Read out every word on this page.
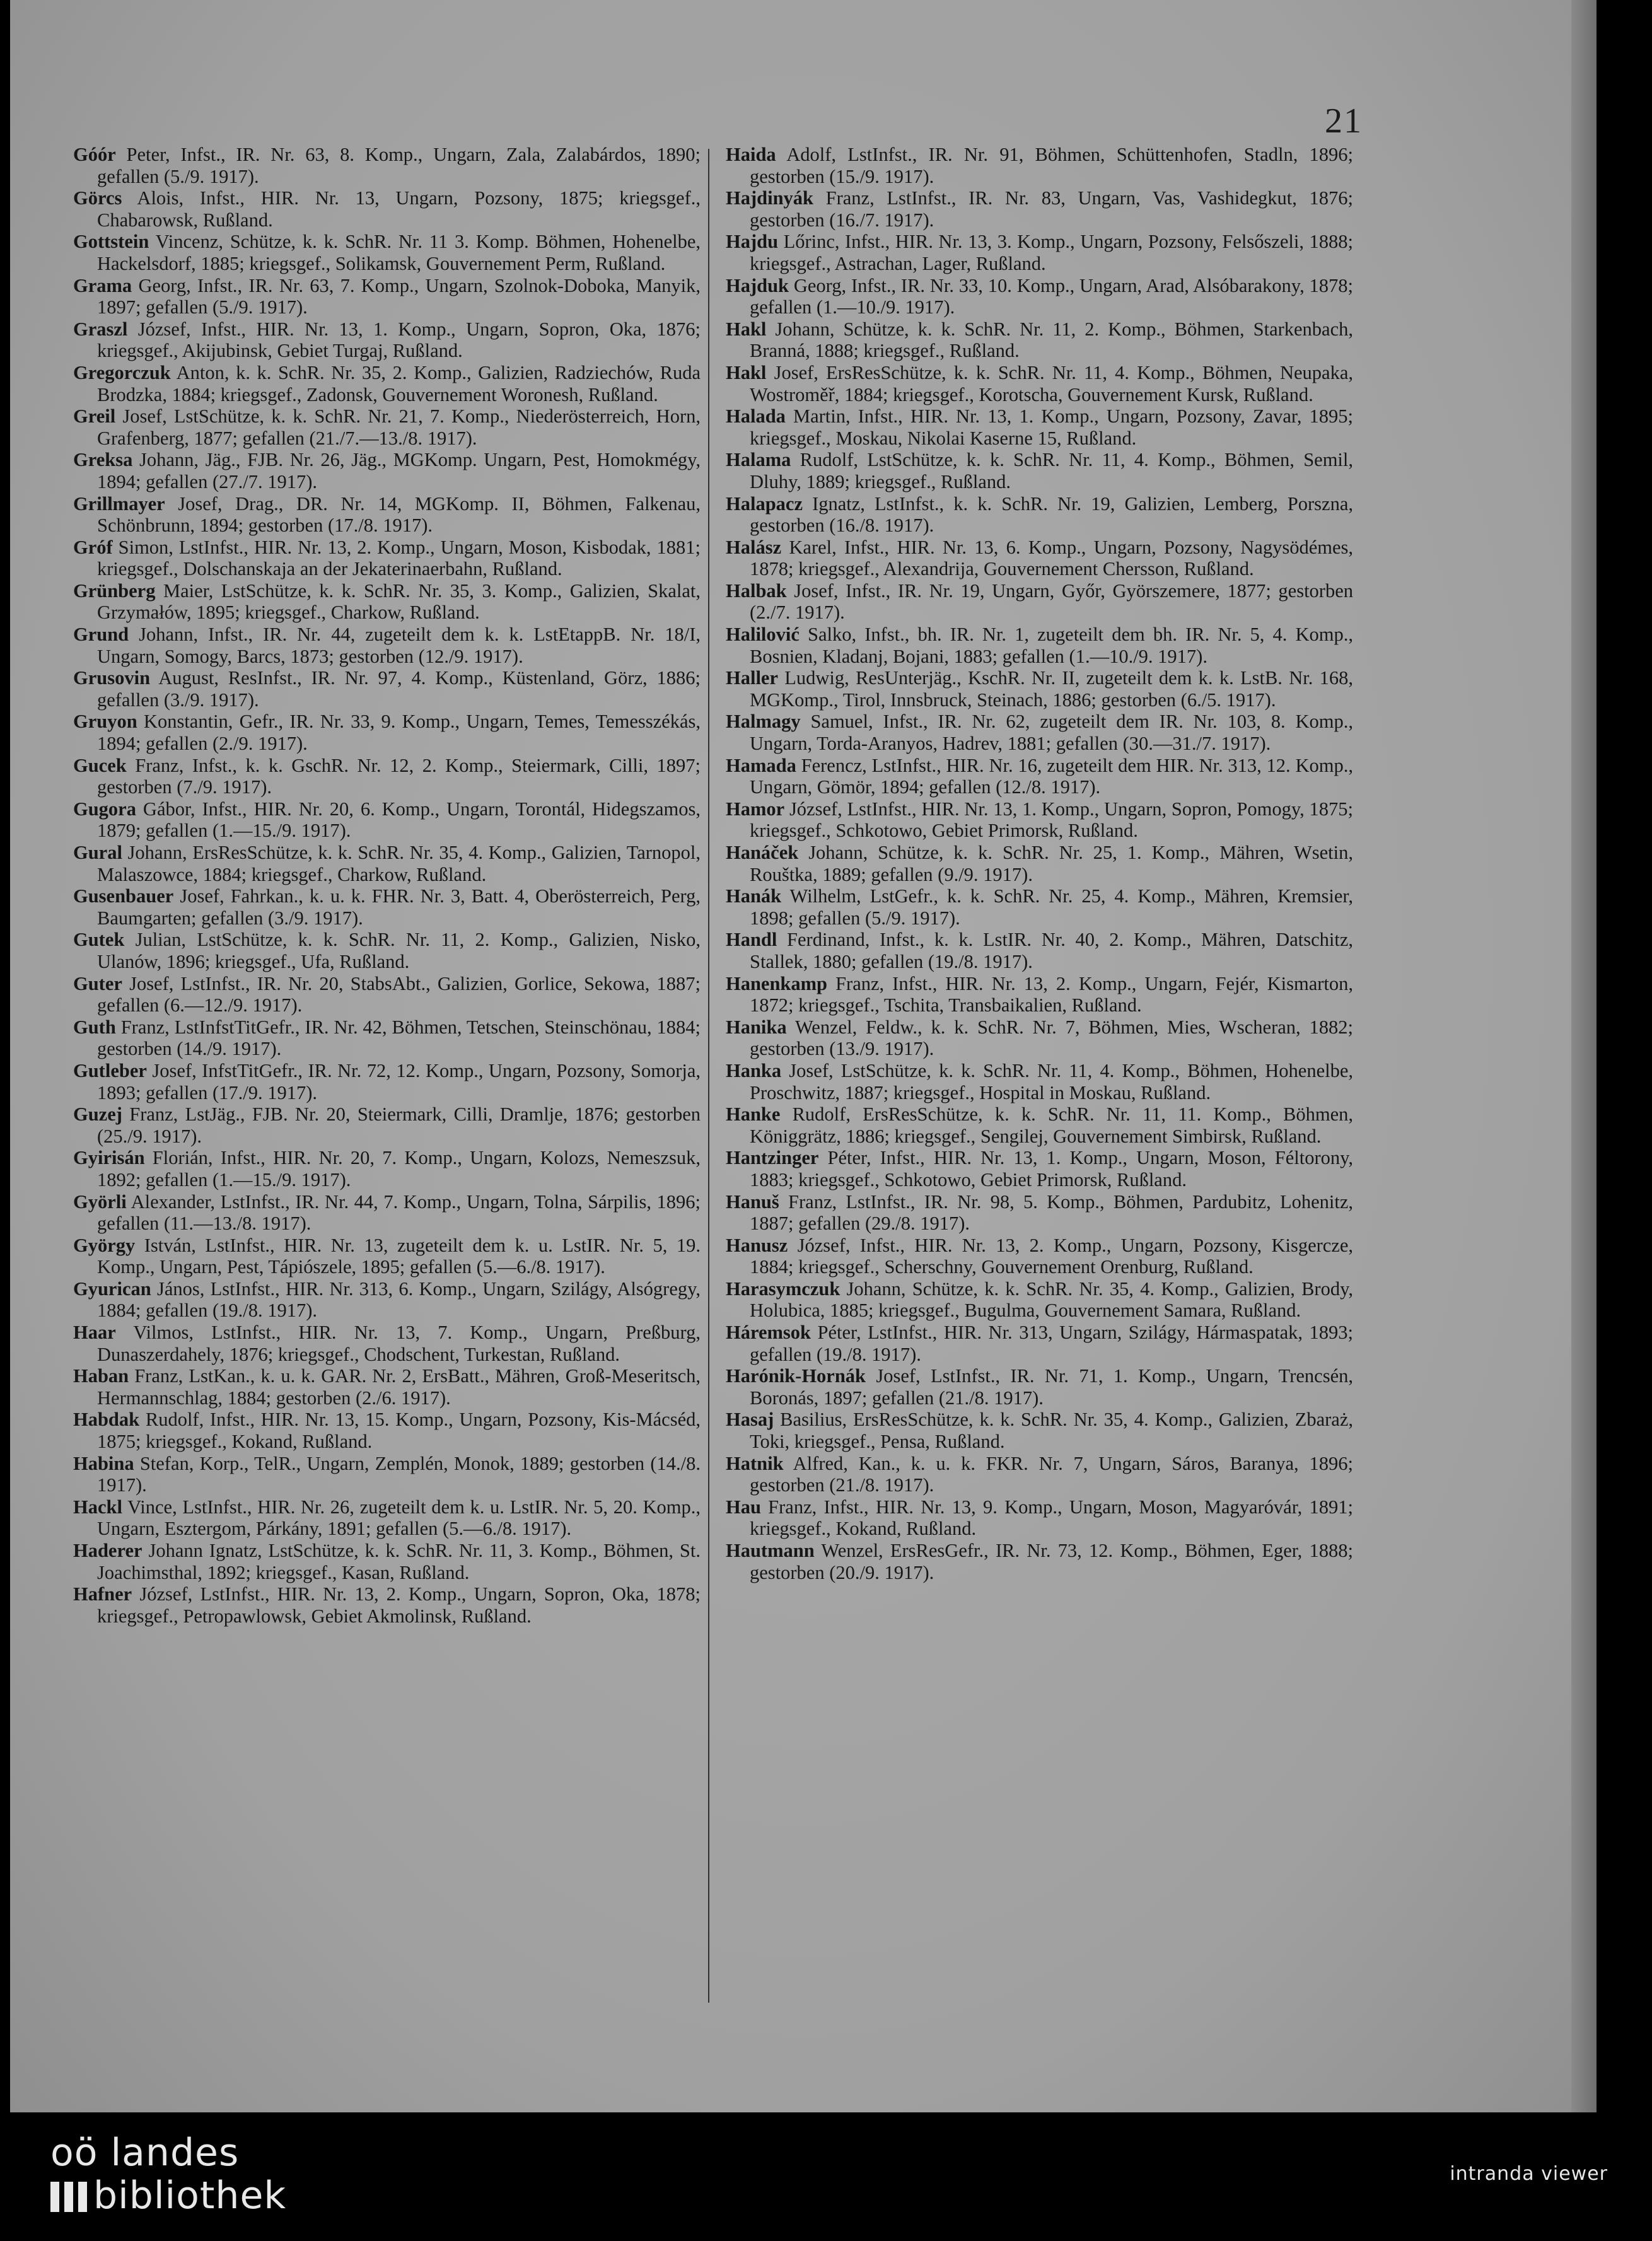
21
Góór Peter, Infst., IR. Nr. 63, 8. Komp., Ungarn, Zala, Zalabárdos, 1890; gefallen (5./9. 1917).
Görcs Alois, Infst., HIR. Nr. 13, Ungarn, Pozsony, 1875; kriegsgef., Chabarowsk, Rußland.
Gottstein Vincenz, Schütze, k. k. SchR. Nr. 11 3. Komp. Böhmen, Hohenelbe, Hackelsdorf, 1885; kriegsgef., Solikamsk, Gouvernement Perm, Rußland.
Grama Georg, Infst., IR. Nr. 63, 7. Komp., Ungarn, Szolnok-Doboka, Manyik, 1897; gefallen (5./9. 1917).
Graszl József, Infst., HIR. Nr. 13, 1. Komp., Ungarn, Sopron, Oka, 1876; kriegsgef., Akijubinsk, Gebiet Turgaj, Rußland.
Gregorczuk Anton, k. k. SchR. Nr. 35, 2. Komp., Galizien, Radziechów, Ruda Brodzka, 1884; kriegsgef., Zadonsk, Gouvernement Woronesh, Rußland.
Greil Josef, LstSchütze, k. k. SchR. Nr. 21, 7. Komp., Niederösterreich, Horn, Grafenberg, 1877; gefallen (21./7.—13./8. 1917).
Greksa Johann, Jäg., FJB. Nr. 26, Jäg., MGKomp. Ungarn, Pest, Homokmégy, 1894; gefallen (27./7. 1917).
Grillmayer Josef, Drag., DR. Nr. 14, MGKomp. II, Böhmen, Falkenau, Schönbrunn, 1894; gestorben (17./8. 1917).
Gróf Simon, LstInfst., HIR. Nr. 13, 2. Komp., Ungarn, Moson, Kisbodak, 1881; kriegsgef., Dolschanskaja an der Jekaterinaerbahn, Rußland.
Grünberg Maier, LstSchütze, k. k. SchR. Nr. 35, 3. Komp., Galizien, Skalat, Grzymałów, 1895; kriegsgef., Charkow, Rußland.
Grund Johann, Infst., IR. Nr. 44, zugeteilt dem k. k. LstEtappB. Nr. 18/I, Ungarn, Somogy, Barcs, 1873; gestorben (12./9. 1917).
Grusovin August, ResInfst., IR. Nr. 97, 4. Komp., Küstenland, Görz, 1886; gefallen (3./9. 1917).
Gruyon Konstantin, Gefr., IR. Nr. 33, 9. Komp., Ungarn, Temes, Temesszékás, 1894; gefallen (2./9. 1917).
Gucek Franz, Infst., k. k. GschR. Nr. 12, 2. Komp., Steiermark, Cilli, 1897; gestorben (7./9. 1917).
Gugora Gábor, Infst., HIR. Nr. 20, 6. Komp., Ungarn, Torontál, Hidegszamos, 1879; gefallen (1.—15./9. 1917).
Gural Johann, ErsResSchütze, k. k. SchR. Nr. 35, 4. Komp., Galizien, Tarnopol, Malaszowce, 1884; kriegsgef., Charkow, Rußland.
Gusenbauer Josef, Fahrkan., k. u. k. FHR. Nr. 3, Batt. 4, Oberösterreich, Perg, Baumgarten; gefallen (3./9. 1917).
Gutek Julian, LstSchütze, k. k. SchR. Nr. 11, 2. Komp., Galizien, Nisko, Ulanów, 1896; kriegsgef., Ufa, Rußland.
Guter Josef, LstInfst., IR. Nr. 20, StabsAbt., Galizien, Gorlice, Sekowa, 1887; gefallen (6.—12./9. 1917).
Guth Franz, LstInfstTitGefr., IR. Nr. 42, Böhmen, Tetschen, Steinschönau, 1884; gestorben (14./9. 1917).
Gutleber Josef, InfstTitGefr., IR. Nr. 72, 12. Komp., Ungarn, Pozsony, Somorja, 1893; gefallen (17./9. 1917).
Guzej Franz, LstJäg., FJB. Nr. 20, Steiermark, Cilli, Dramlje, 1876; gestorben (25./9. 1917).
Gyirisán Florián, Infst., HIR. Nr. 20, 7. Komp., Ungarn, Kolozs, Nemeszsuk, 1892; gefallen (1.—15./9. 1917).
Györli Alexander, LstInfst., IR. Nr. 44, 7. Komp., Ungarn, Tolna, Sárpilis, 1896; gefallen (11.—13./8. 1917).
György István, LstInfst., HIR. Nr. 13, zugeteilt dem k. u. LstIR. Nr. 5, 19. Komp., Ungarn, Pest, Tápiószele, 1895; gefallen (5.—6./8. 1917).
Gyurican János, LstInfst., HIR. Nr. 313, 6. Komp., Ungarn, Szilágy, Alsógregy, 1884; gefallen (19./8. 1917).
Haar Vilmos, LstInfst., HIR. Nr. 13, 7. Komp., Ungarn, Preßburg, Dunaszerdahely, 1876; kriegsgef., Chodschent, Turkestan, Rußland.
Haban Franz, LstKan., k. u. k. GAR. Nr. 2, ErsBatt., Mähren, Groß-Meseritsch, Hermannschlag, 1884; gestorben (2./6. 1917).
Habdak Rudolf, Infst., HIR. Nr. 13, 15. Komp., Ungarn, Pozsony, Kis-Mácséd, 1875; kriegsgef., Kokand, Rußland.
Habina Stefan, Korp., TelR., Ungarn, Zemplén, Monok, 1889; gestorben (14./8. 1917).
Hackl Vince, LstInfst., HIR. Nr. 26, zugeteilt dem k. u. LstIR. Nr. 5, 20. Komp., Ungarn, Esztergom, Párkány, 1891; gefallen (5.—6./8. 1917).
Haderer Johann Ignatz, LstSchütze, k. k. SchR. Nr. 11, 3. Komp., Böhmen, St. Joachimsthal, 1892; kriegsgef., Kasan, Rußland.
Hafner József, LstInfst., HIR. Nr. 13, 2. Komp., Ungarn, Sopron, Oka, 1878; kriegsgef., Petropawlowsk, Gebiet Akmolinsk, Rußland.
Haida Adolf, LstInfst., IR. Nr. 91, Böhmen, Schüttenhofen, Stadln, 1896; gestorben (15./9. 1917).
Hajdinyák Franz, LstInfst., IR. Nr. 83, Ungarn, Vas, Vashidegkut, 1876; gestorben (16./7. 1917).
Hajdu Lőrinc, Infst., HIR. Nr. 13, 3. Komp., Ungarn, Pozsony, Felsőszeli, 1888; kriegsgef., Astrachan, Lager, Rußland.
Hajduk Georg, Infst., IR. Nr. 33, 10. Komp., Ungarn, Arad, Alsóbarakony, 1878; gefallen (1.—10./9. 1917).
Hakl Johann, Schütze, k. k. SchR. Nr. 11, 2. Komp., Böhmen, Starkenbach, Branná, 1888; kriegsgef., Rußland.
Hakl Josef, ErsResSchütze, k. k. SchR. Nr. 11, 4. Komp., Böhmen, Neupaka, Wostroměř, 1884; kriegsgef., Korotscha, Gouvernement Kursk, Rußland.
Halada Martin, Infst., HIR. Nr. 13, 1. Komp., Ungarn, Pozsony, Zavar, 1895; kriegsgef., Moskau, Nikolai Kaserne 15, Rußland.
Halama Rudolf, LstSchütze, k. k. SchR. Nr. 11, 4. Komp., Böhmen, Semil, Dluhy, 1889; kriegsgef., Rußland.
Halapacz Ignatz, LstInfst., k. k. SchR. Nr. 19, Galizien, Lemberg, Porszna, gestorben (16./8. 1917).
Halász Karel, Infst., HIR. Nr. 13, 6. Komp., Ungarn, Pozsony, Nagysödémes, 1878; kriegsgef., Alexandrija, Gouvernement Chersson, Rußland.
Halbak Josef, Infst., IR. Nr. 19, Ungarn, Győr, Györszemere, 1877; gestorben (2./7. 1917).
Halilović Salko, Infst., bh. IR. Nr. 1, zugeteilt dem bh. IR. Nr. 5, 4. Komp., Bosnien, Kladanj, Bojani, 1883; gefallen (1.—10./9. 1917).
Haller Ludwig, ResUnterjäg., KschR. Nr. II, zugeteilt dem k. k. LstB. Nr. 168, MGKomp., Tirol, Innsbruck, Steinach, 1886; gestorben (6./5. 1917).
Halmagy Samuel, Infst., IR. Nr. 62, zugeteilt dem IR. Nr. 103, 8. Komp., Ungarn, Torda-Aranyos, Hadrev, 1881; gefallen (30.—31./7. 1917).
Hamada Ferencz, LstInfst., HIR. Nr. 16, zugeteilt dem HIR. Nr. 313, 12. Komp., Ungarn, Gömör, 1894; gefallen (12./8. 1917).
Hamor József, LstInfst., HIR. Nr. 13, 1. Komp., Ungarn, Sopron, Pomogy, 1875; kriegsgef., Schkotowo, Gebiet Primorsk, Rußland.
Hanáček Johann, Schütze, k. k. SchR. Nr. 25, 1. Komp., Mähren, Wsetin, Rouštka, 1889; gefallen (9./9. 1917).
Hanák Wilhelm, LstGefr., k. k. SchR. Nr. 25, 4. Komp., Mähren, Kremsier, 1898; gefallen (5./9. 1917).
Handl Ferdinand, Infst., k. k. LstIR. Nr. 40, 2. Komp., Mähren, Datschitz, Stallek, 1880; gefallen (19./8. 1917).
Hanenkamp Franz, Infst., HIR. Nr. 13, 2. Komp., Ungarn, Fejér, Kismarton, 1872; kriegsgef., Tschita, Transbaikalien, Rußland.
Hanika Wenzel, Feldw., k. k. SchR. Nr. 7, Böhmen, Mies, Wscheran, 1882; gestorben (13./9. 1917).
Hanka Josef, LstSchütze, k. k. SchR. Nr. 11, 4. Komp., Böhmen, Hohenelbe, Proschwitz, 1887; kriegsgef., Hospital in Moskau, Rußland.
Hanke Rudolf, ErsResSchütze, k. k. SchR. Nr. 11, 11. Komp., Böhmen, Königgrätz, 1886; kriegsgef., Sengilej, Gouvernement Simbirsk, Rußland.
Hantzinger Péter, Infst., HIR. Nr. 13, 1. Komp., Ungarn, Moson, Féltorony, 1883; kriegsgef., Schkotowo, Gebiet Primorsk, Rußland.
Hanuš Franz, LstInfst., IR. Nr. 98, 5. Komp., Böhmen, Pardubitz, Lohenitz, 1887; gefallen (29./8. 1917).
Hanusz József, Infst., HIR. Nr. 13, 2. Komp., Ungarn, Pozsony, Kisgercze, 1884; kriegsgef., Scherschny, Gouvernement Orenburg, Rußland.
Harasymczuk Johann, Schütze, k. k. SchR. Nr. 35, 4. Komp., Galizien, Brody, Holubica, 1885; kriegsgef., Bugulma, Gouvernement Samara, Rußland.
Háremsok Péter, LstInfst., HIR. Nr. 313, Ungarn, Szilágy, Hármaspatak, 1893; gefallen (19./8. 1917).
Harónik-Hornák Josef, LstInfst., IR. Nr. 71, 1. Komp., Ungarn, Trencsén, Boronás, 1897; gefallen (21./8. 1917).
Hasaj Basilius, ErsResSchütze, k. k. SchR. Nr. 35, 4. Komp., Galizien, Zbaraż, Toki, kriegsgef., Pensa, Rußland.
Hatnik Alfred, Kan., k. u. k. FKR. Nr. 7, Ungarn, Sáros, Baranya, 1896; gestorben (21./8. 1917).
Hau Franz, Infst., HIR. Nr. 13, 9. Komp., Ungarn, Moson, Magyaróvár, 1891; kriegsgef., Kokand, Rußland.
Hautmann Wenzel, ErsResGefr., IR. Nr. 73, 12. Komp., Böhmen, Eger, 1888; gestorben (20./9. 1917).
oö landes
bibliothek	intranda viewer
